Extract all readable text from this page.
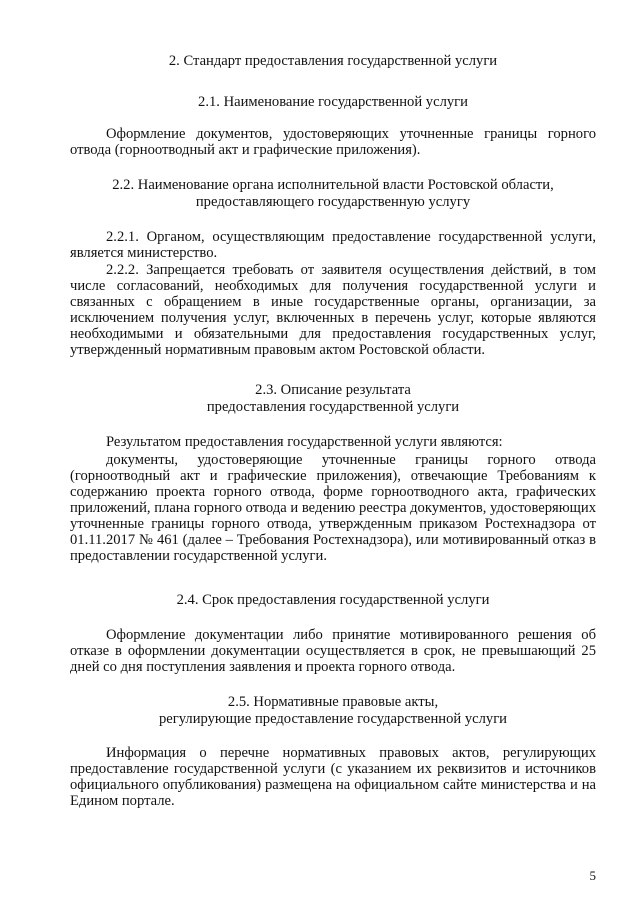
2. Стандарт предоставления государственной услуги
2.1. Наименование государственной услуги

Оформление документов, удостоверяющих уточненные границы горного отвода (горноотводный акт и графические приложения).

2.2. Наименование органа исполнительной власти Ростовской области,
предоставляющего государственную услугу

2.2.1. Органом, осуществляющим предоставление государственной услуги, является министерство.

2.2.2. Запрещается требовать от заявителя осуществления действий, в том числе согласований, необходимых для получения государственной услуги и связанных с обращением в иные государственные органы, организации, за исключением получения услуг, включенных в перечень услуг, которые являются необходимыми и обязательными для предоставления государственных услуг, утвержденный нормативным правовым актом Ростовской области.

2.3. Описание результата
предоставления государственной услуги

Результатом предоставления государственной услуги являются:

документы, удостоверяющие уточненные границы горного отвода (горноотводный акт и графические приложения), отвечающие Требованиям к содержанию проекта горного отвода, форме горноотводного акта, графических приложений, плана горного отвода и ведению реестра документов, удостоверяющих уточненные границы горного отвода, утвержденным приказом Ростехнадзора от 01.11.2017 № 461 (далее – Требования Ростехнадзора), или мотивированный отказ в предоставлении государственной услуги.

2.4. Срок предоставления государственной услуги

Оформление документации либо принятие мотивированного решения об отказе в оформлении документации осуществляется в срок, не превышающий 25 дней со дня поступления заявления и проекта горного отвода.

2.5. Нормативные правовые акты,
регулирующие предоставление государственной услуги

Информация о перечне нормативных правовых актов, регулирующих предоставление государственной услуги (с указанием их реквизитов и источников официального опубликования) размещена на официальном сайте министерства и на Едином портале.

5
